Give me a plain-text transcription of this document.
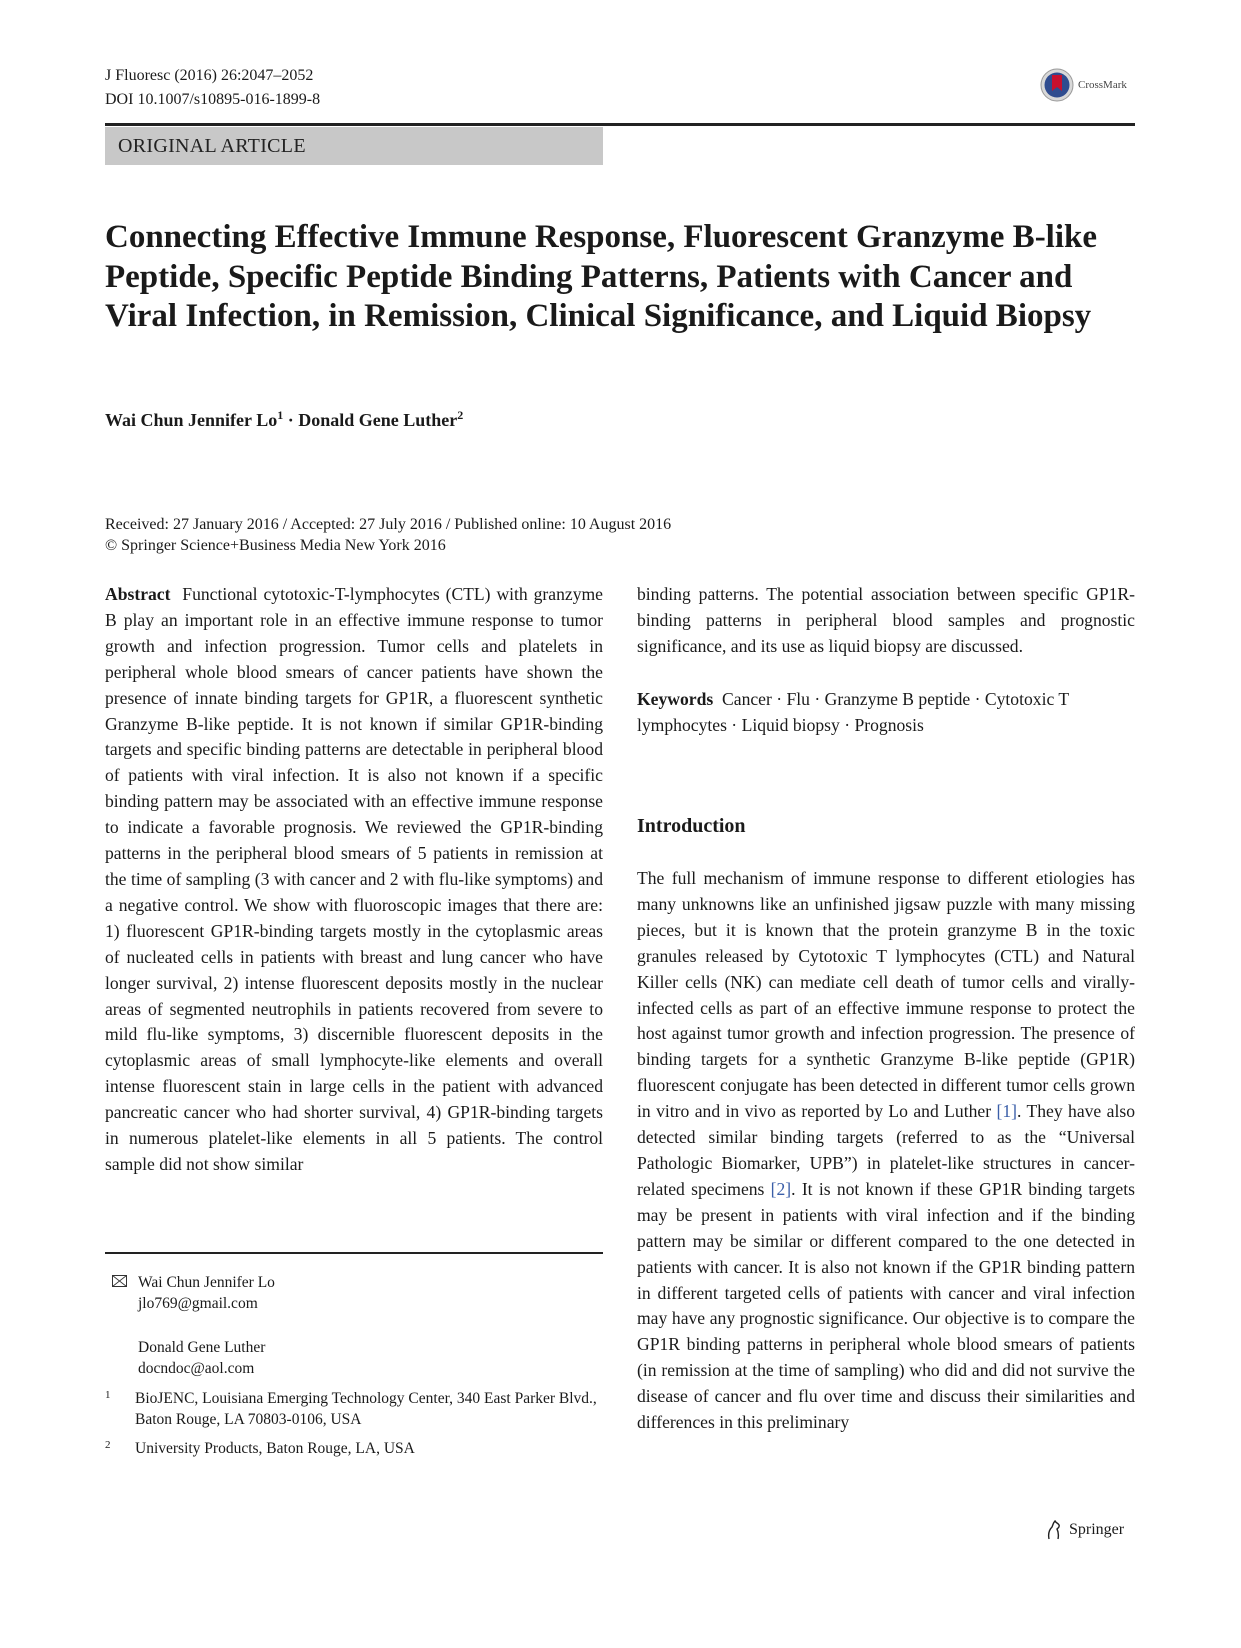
J Fluoresc (2016) 26:2047–2052
DOI 10.1007/s10895-016-1899-8
CrossMark
ORIGINAL ARTICLE
Connecting Effective Immune Response, Fluorescent Granzyme B-like Peptide, Specific Peptide Binding Patterns, Patients with Cancer and Viral Infection, in Remission, Clinical Significance, and Liquid Biopsy
Wai Chun Jennifer $Lo^1$ · Donald Gene Luther$^2$
Received: 27 January 2016 / Accepted: 27 July 2016 / Published online: 10 August 2016
© Springer Science+Business Media New York 2016

Abstract Functional cytotoxic-T-lymphocytes (CTL) with granzyme B play an important role in an effective immune response to tumor growth and infection progression. Tumor cells and platelets in peripheral whole blood smears of cancer patients have shown the presence of innate binding targets for GP1R, a fluorescent synthetic Granzyme B-like peptide. It is not known if similar GP1R-binding targets and specific binding patterns are detectable in peripheral blood of patients with viral infection. It is also not known if a specific binding pattern may be associated with an effective immune response to indicate a favorable prognosis. We reviewed the GP1R-binding patterns in the peripheral blood smears of 5 patients in remission at the time of sampling (3 with cancer and 2 with flu-like symptoms) and a negative control. We show with fluoroscopic images that there are: 1) fluorescent GP1R-binding targets mostly in the cytoplasmic areas of nucleated cells in patients with breast and lung cancer who have longer survival, 2) intense fluorescent deposits mostly in the nuclear areas of segmented neutrophils in patients recovered from severe to mild flu-like symptoms, 3) discernible fluorescent deposits in the cytoplasmic areas of small lymphocyte-like elements and overall intense fluorescent stain in large cells in the patient with advanced pancreatic cancer who had shorter survival, 4) GP1R-binding targets in numerous platelet-like elements in all 5 patients. The control sample did not show similar

binding patterns. The potential association between specific GP1R-binding patterns in peripheral blood samples and prognostic significance, and its use as liquid biopsy are discussed.

Keywords Cancer · Flu · Granzyme B peptide · Cytotoxic T lymphocytes · Liquid biopsy · Prognosis

Introduction

The full mechanism of immune response to different etiologies has many unknowns like an unfinished jigsaw puzzle with many missing pieces, but it is known that the protein granzyme B in the toxic granules released by Cytotoxic T lymphocytes (CTL) and Natural Killer cells (NK) can mediate cell death of tumor cells and virally-infected cells as part of an effective immune response to protect the host against tumor growth and infection progression. The presence of binding targets for a synthetic Granzyme B-like peptide (GP1R) fluorescent conjugate has been detected in different tumor cells grown in vitro and in vivo as reported by Lo and Luther [1]. They have also detected similar binding targets (referred to as the “Universal Pathologic Biomarker, UPB”) in platelet-like structures in cancer-related specimens [2]. It is not known if these GP1R binding targets may be present in patients with viral infection and if the binding pattern may be similar or different compared to the one detected in patients with cancer. It is also not known if the GP1R binding pattern in different targeted cells of patients with cancer and viral infection may have any prognostic significance. Our objective is to compare the GP1R binding patterns in peripheral whole blood smears of patients (in remission at the time of sampling) who did and did not survive the disease of cancer and flu over time and discuss their similarities and differences in this preliminary

Wai Chun Jennifer Lo
jlo769@gmail.com
Donald Gene Luther
docndoc@aol.com
1	BioJENC, Louisiana Emerging Technology Center, 340 East Parker Blvd., Baton Rouge, LA 70803-0106, USA
2	University Products, Baton Rouge, LA, USA
Springer
